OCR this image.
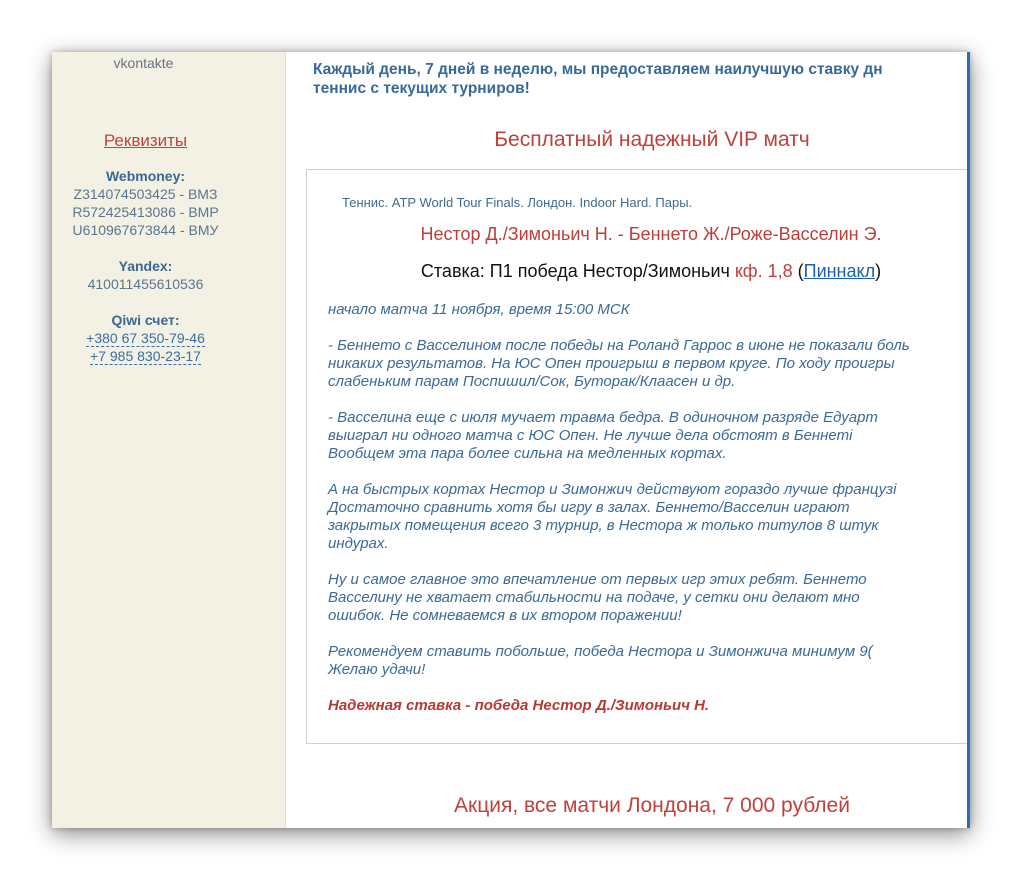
vkontakte
Реквизиты
Webmoney:
Z314074503425 - ВМЗ
R572425413086 - ВМР
U610967673844 - ВМУ
Yandex:
410011455610536
Qiwi счет:
+380 67 350-79-46
+7 985 830-23-17
Каждый день, 7 дней в неделю, мы предоставляем наилучшую ставку дн
теннис с текущих турниров!
Бесплатный надежный VIP матч
Теннис. ATP World Tour Finals. Лондон. Indoor Hard. Пары.
Нестор Д./Зимоньич Н. - Беннето Ж./Роже-Васселин Э.
Ставка: П1 победа Нестор/Зимоньич кф. 1,8 (Пиннакл)

начало матча 11 ноября, время 15:00 МСК

- Беннето с Васселином после победы на Роланд Гаррос в июне не показали боль
никаких результатов. На ЮС Опен проигрыш в первом круге. По ходу проигры
слабеньким парам Поспишил/Сок, Буторак/Клаасен и др.

- Васселина еще с июля мучает травма бедра. В одиночном разряде Едуарт
выиграл ни одного матча с ЮС Опен. Не лучше дела обстоят в Беннеті
Вообщем эта пара более сильна на медленных кортах.

А на быстрых кортах Нестор и Зимонжич действуют гораздо лучше французі
Достаточно сравнить хотя бы игру в залах. Беннето/Васселин играют
закрытых помещения всего 3 турнир, в Нестора ж только титулов 8 штук
индурах.

Ну и самое главное это впечатление от первых игр этих ребят. Беннето
Васселину не хватает стабильности на подаче, у сетки они делают мно
ошибок. Не сомневаемся в их втором поражении!

Рекомендуем ставить побольше, победа Нестора и Зимонжича минимум 9(
Желаю удачи!

Надежная ставка - победа Нестор Д./Зимоньич Н.

Акция, все матчи Лондона, 7 000 рублей
